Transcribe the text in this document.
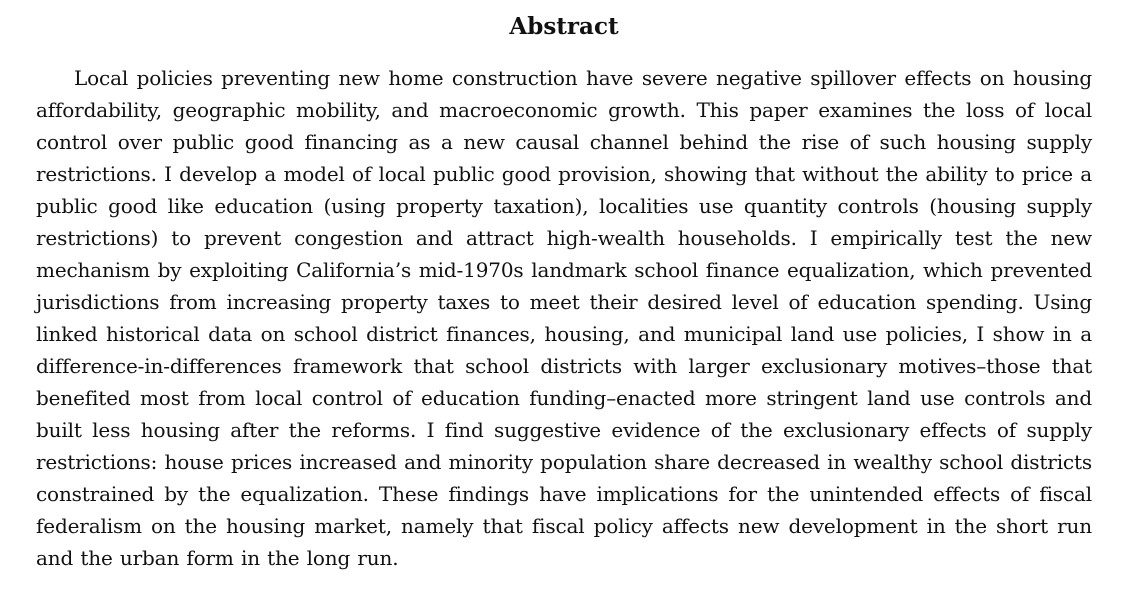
Abstract

Local policies preventing new home construction have severe negative spillover effects on housing affordability, geographic mobility, and macroeconomic growth. This paper examines the loss of local control over public good financing as a new causal channel behind the rise of such housing supply restrictions. I develop a model of local public good provision, showing that without the ability to price a public good like education (using property taxation), localities use quantity controls (housing supply restrictions) to prevent congestion and attract high-wealth households. I empirically test the new mechanism by exploiting California’s mid-1970s landmark school finance equalization, which prevented jurisdictions from increasing property taxes to meet their desired level of education spending. Using linked historical data on school district finances, housing, and municipal land use policies, I show in a difference-in-differences framework that school districts with larger exclusionary motives–those that benefited most from local control of education funding–enacted more stringent land use controls and built less housing after the reforms. I find suggestive evidence of the exclusionary effects of supply restrictions: house prices increased and minority population share decreased in wealthy school districts constrained by the equalization. These findings have implications for the unintended effects of fiscal federalism on the housing market, namely that fiscal policy affects new development in the short run and the urban form in the long run.
